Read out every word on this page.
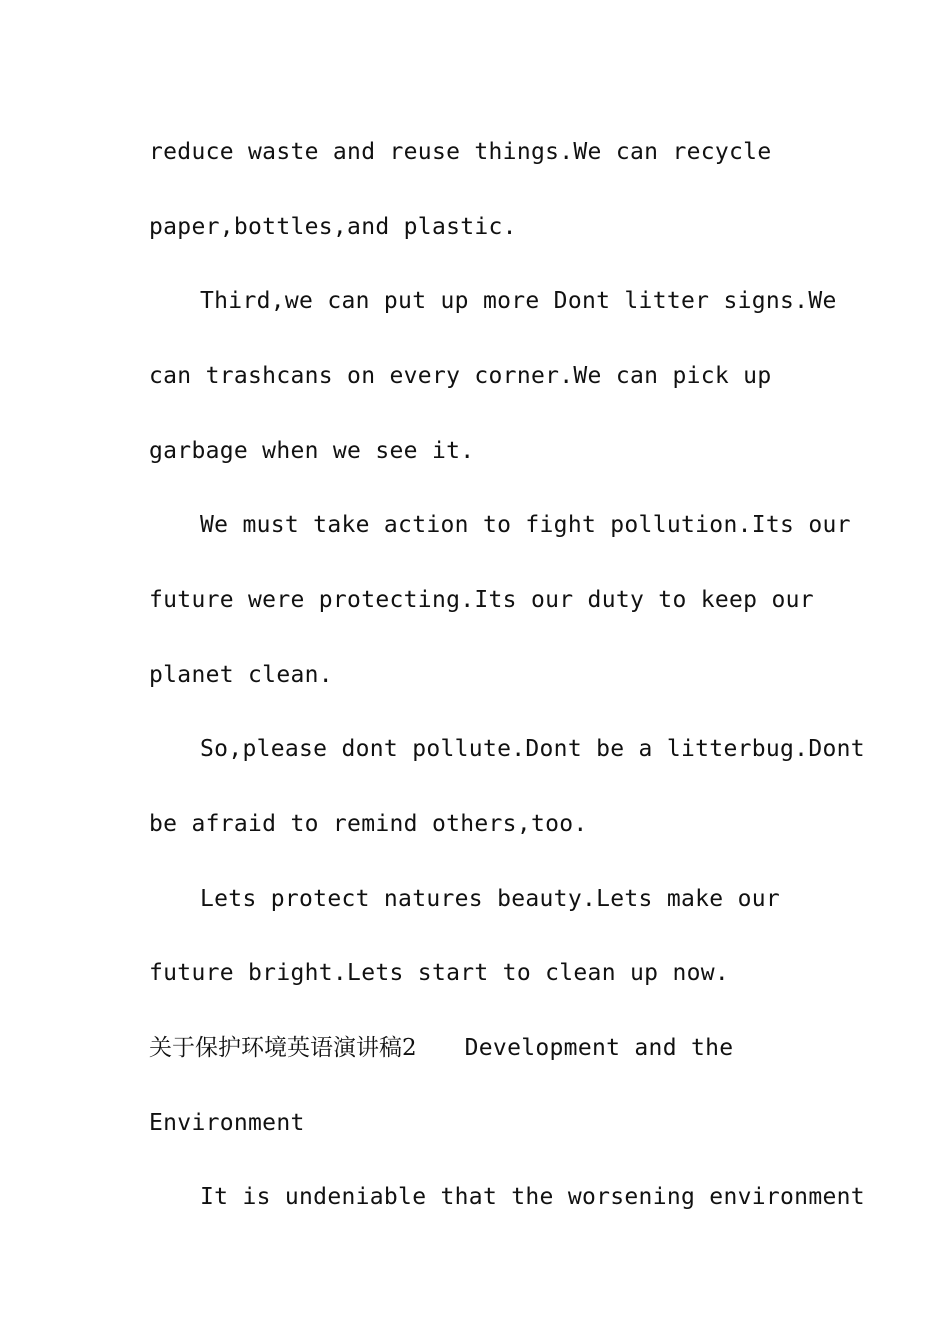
reduce waste and reuse things.We can recycle
paper,bottles,and plastic.
Third,we can put up more Dont litter signs.We
can trashcans on every corner.We can pick up
garbage when we see it.
We must take action to fight pollution.Its our
future were protecting.Its our duty to keep our
planet clean.
So,please dont pollute.Dont be a litterbug.Dont
be afraid to remind others,too.
Lets protect natures beauty.Lets make our
future bright.Lets start to clean up now.
关于保护环境英语演讲稿2 Development and the
Environment
It is undeniable that the worsening environment
